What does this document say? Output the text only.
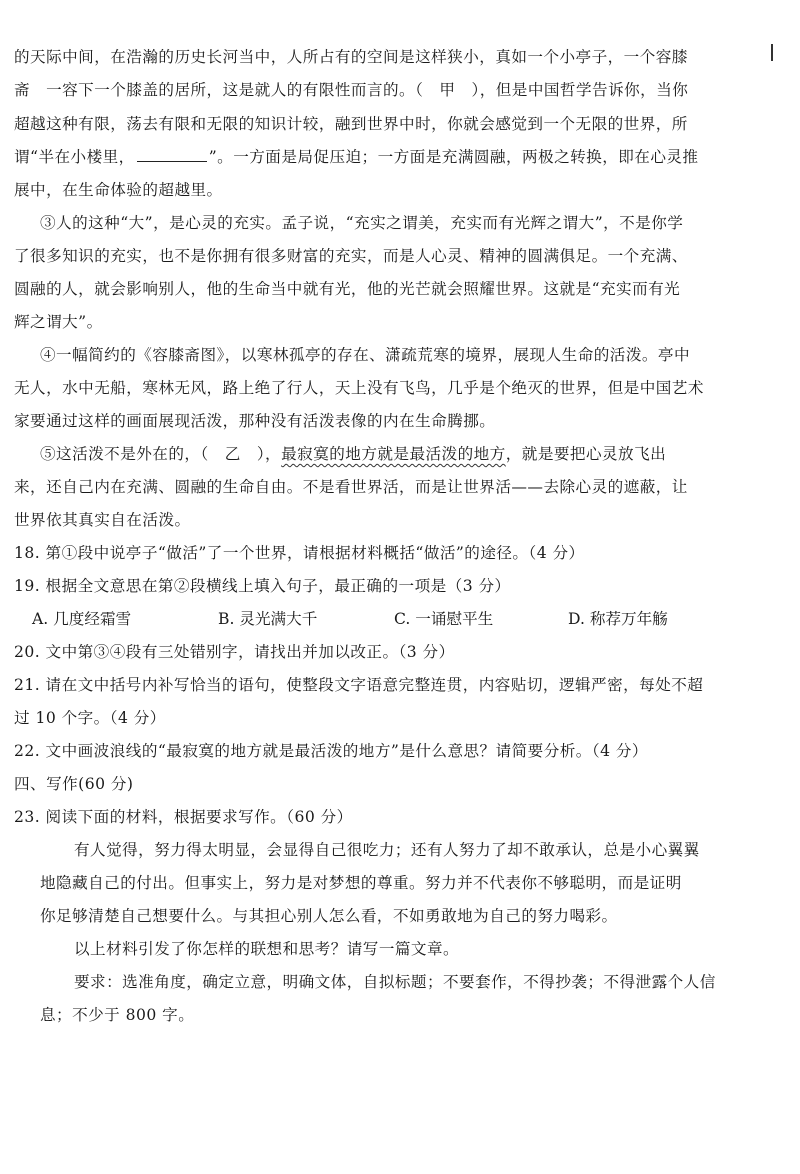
的天际中间，在浩瀚的历史长河当中，人所占有的空间是这样狭小，真如一个小亭子，一个容膝
斋　一容下一个膝盖的居所，这是就人的有限性而言的。（　甲　），但是中国哲学告诉你，当你
超越这种有限，荡去有限和无限的知识计较，融到世界中时，你就会感觉到一个无限的世界，所
谓“半在小楼里，	”。一方面是局促压迫；一方面是充满圆融，两极之转换，即在心灵推
展中，在生命体验的超越里。
③人的这种“大”，是心灵的充实。孟子说，“充实之谓美，充实而有光辉之谓大”，不是你学
了很多知识的充实，也不是你拥有很多财富的充实，而是人心灵、精神的圆满俱足。一个充满、
圆融的人，就会影响别人，他的生命当中就有光，他的光芒就会照耀世界。这就是“充实而有光
辉之谓大”。
④一幅简约的《容膝斋图》，以寒林孤亭的存在、潇疏荒寒的境界，展现人生命的活泼。亭中
无人，水中无船，寒林无风，路上绝了行人，天上没有飞鸟，几乎是个绝灭的世界，但是中国艺术
家要通过这样的画面展现活泼，那种没有活泼表像的内在生命腾挪。
⑤这活泼不是外在的，（　乙　），最寂寞的地方就是最活泼的地方，就是要把心灵放飞出
来，还自己内在充满、圆融的生命自由。不是看世界活，而是让世界活——去除心灵的遮蔽，让
世界依其真实自在活泼。
18. 第①段中说亭子“做活”了一个世界，请根据材料概括“做活”的途径。（4 分）
19. 根据全文意思在第②段横线上填入句子，最正确的一项是（3 分）
A. 几度经霜雪	B. 灵光满大千	C. 一诵慰平生	D. 称荐万年觞
20. 文中第③④段有三处错别字，请找出并加以改正。（3 分）
21. 请在文中括号内补写恰当的语句，使整段文字语意完整连贯，内容贴切，逻辑严密，每处不超
过 10 个字。（4 分）
22. 文中画波浪线的“最寂寞的地方就是最活泼的地方”是什么意思？请简要分析。（4 分）
四、写作(60 分)
23. 阅读下面的材料，根据要求写作。（60 分）
有人觉得，努力得太明显，会显得自己很吃力；还有人努力了却不敢承认，总是小心翼翼
地隐藏自己的付出。但事实上，努力是对梦想的尊重。努力并不代表你不够聪明，而是证明
你足够清楚自己想要什么。与其担心别人怎么看，不如勇敢地为自己的努力喝彩。
以上材料引发了你怎样的联想和思考？请写一篇文章。
要求：选准角度，确定立意，明确文体，自拟标题；不要套作，不得抄袭；不得泄露个人信
息；不少于 800 字。
